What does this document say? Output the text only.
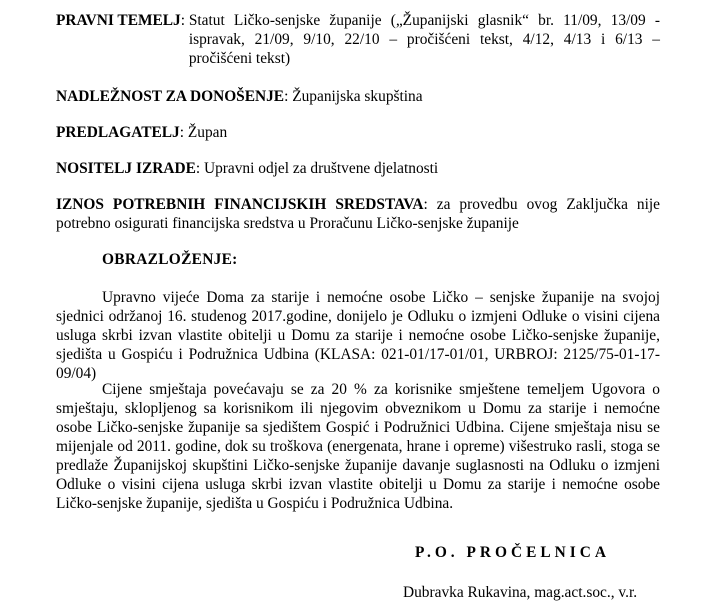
PRAVNI TEMELJ: Statut Ličko-senjske županije („Županijski glasnik“ br. 11/09, 13/09 - ispravak, 21/09, 9/10, 22/10 – pročišćeni tekst, 4/12, 4/13 i 6/13 – pročišćeni tekst)
NADLEŽNOST ZA DONOŠENJE: Županijska skupština
PREDLAGATELJ: Župan
NOSITELJ IZRADE: Upravni odjel za društvene djelatnosti
IZNOS POTREBNIH FINANCIJSKIH SREDSTAVA: za provedbu ovog Zaključka nije potrebno osigurati financijska sredstva u Proračunu Ličko-senjske županije
OBRAZLOŽENJE:

Upravno vijeće Doma za starije i nemoćne osobe Ličko – senjske županije na svojoj sjednici održanoj 16. studenog 2017.godine, donijelo je Odluku o izmjeni Odluke o visini cijena usluga skrbi izvan vlastite obitelji u Domu za starije i nemoćne osobe Ličko-senjske županije, sjedišta u Gospiću i Podružnica Udbina (KLASA: 021-01/17-01/01, URBROJ: 2125/75-01-17-09/04)

Cijene smještaja povećavaju se za 20 % za korisnike smještene temeljem Ugovora o smještaju, sklopljenog sa korisnikom ili njegovim obveznikom u Domu za starije i nemoćne osobe Ličko-senjske županije sa sjedištem Gospić i Podružnici Udbina. Cijene smještaja nisu se mijenjale od 2011. godine, dok su troškova (energenata, hrane i opreme) višestruko rasli, stoga se predlaže Županijskoj skupštini Ličko-senjske županije davanje suglasnosti na Odluku o izmjeni Odluke o visini cijena usluga skrbi izvan vlastite obitelji u Domu za starije i nemoćne osobe Ličko-senjske županije, sjedišta u Gospiću i Podružnica Udbina.

P.O. PROČELNICA
Dubravka Rukavina, mag.act.soc., v.r.
